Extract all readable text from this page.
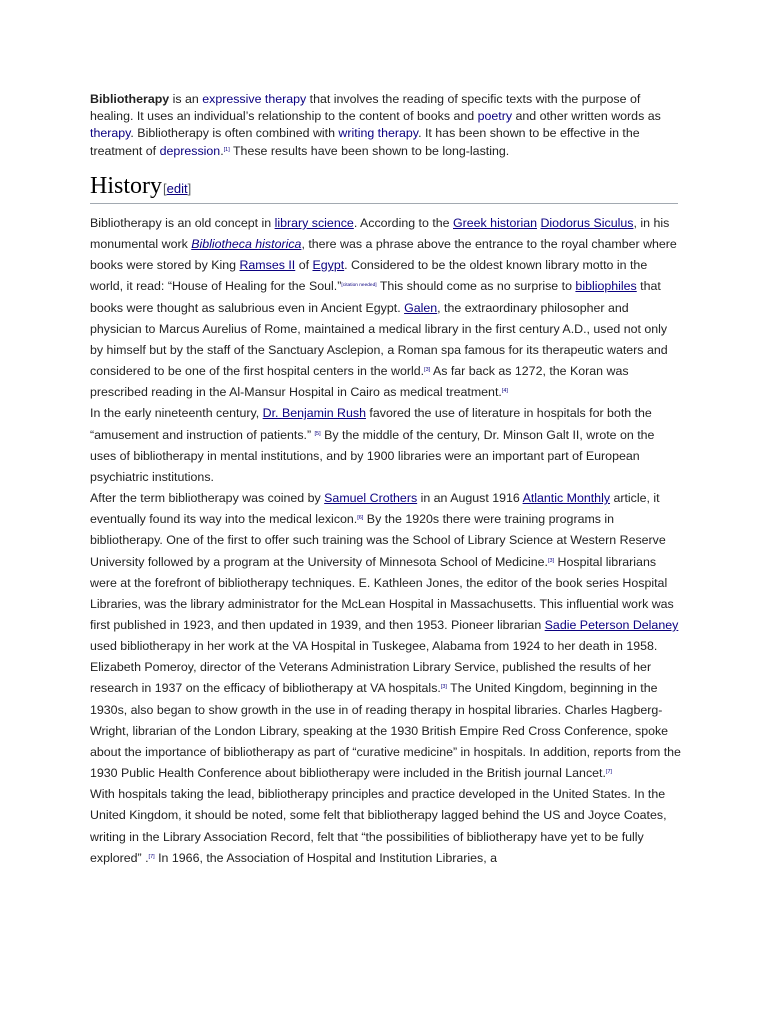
Bibliotherapy is an expressive therapy that involves the reading of specific texts with the purpose of healing. It uses an individual’s relationship to the content of books and poetry and other written words as therapy. Bibliotherapy is often combined with writing therapy. It has been shown to be effective in the treatment of depression.[1] These results have been shown to be long-lasting.

History[edit]

Bibliotherapy is an old concept in library science. According to the Greek historian Diodorus Siculus, in his monumental work Bibliotheca historica, there was a phrase above the entrance to the royal chamber where books were stored by King Ramses II of Egypt. Considered to be the oldest known library motto in the world, it read: “House of Healing for the Soul.”[citation needed] This should come as no surprise to bibliophiles that books were thought as salubrious even in Ancient Egypt. Galen, the extraordinary philosopher and physician to Marcus Aurelius of Rome, maintained a medical library in the first century A.D., used not only by himself but by the staff of the Sanctuary Asclepion, a Roman spa famous for its therapeutic waters and considered to be one of the first hospital centers in the world.[3] As far back as 1272, the Koran was prescribed reading in the Al-Mansur Hospital in Cairo as medical treatment.[4]

In the early nineteenth century, Dr. Benjamin Rush favored the use of literature in hospitals for both the “amusement and instruction of patients.” [5] By the middle of the century, Dr. Minson Galt II, wrote on the uses of bibliotherapy in mental institutions, and by 1900 libraries were an important part of European psychiatric institutions.

After the term bibliotherapy was coined by Samuel Crothers in an August 1916 Atlantic Monthly article, it eventually found its way into the medical lexicon.[6] By the 1920s there were training programs in bibliotherapy. One of the first to offer such training was the School of Library Science at Western Reserve University followed by a program at the University of Minnesota School of Medicine.[3] Hospital librarians were at the forefront of bibliotherapy techniques. E. Kathleen Jones, the editor of the book series Hospital Libraries, was the library administrator for the McLean Hospital in Massachusetts. This influential work was first published in 1923, and then updated in 1939, and then 1953. Pioneer librarian Sadie Peterson Delaney used bibliotherapy in her work at the VA Hospital in Tuskegee, Alabama from 1924 to her death in 1958. Elizabeth Pomeroy, director of the Veterans Administration Library Service, published the results of her research in 1937 on the efficacy of bibliotherapy at VA hospitals.[3] The United Kingdom, beginning in the 1930s, also began to show growth in the use in of reading therapy in hospital libraries. Charles Hagberg-Wright, librarian of the London Library, speaking at the 1930 British Empire Red Cross Conference, spoke about the importance of bibliotherapy as part of “curative medicine” in hospitals. In addition, reports from the 1930 Public Health Conference about bibliotherapy were included in the British journal Lancet.[7]

With hospitals taking the lead, bibliotherapy principles and practice developed in the United States. In the United Kingdom, it should be noted, some felt that bibliotherapy lagged behind the US and Joyce Coates, writing in the Library Association Record, felt that “the possibilities of bibliotherapy have yet to be fully explored” .[7] In 1966, the Association of Hospital and Institution Libraries, a
